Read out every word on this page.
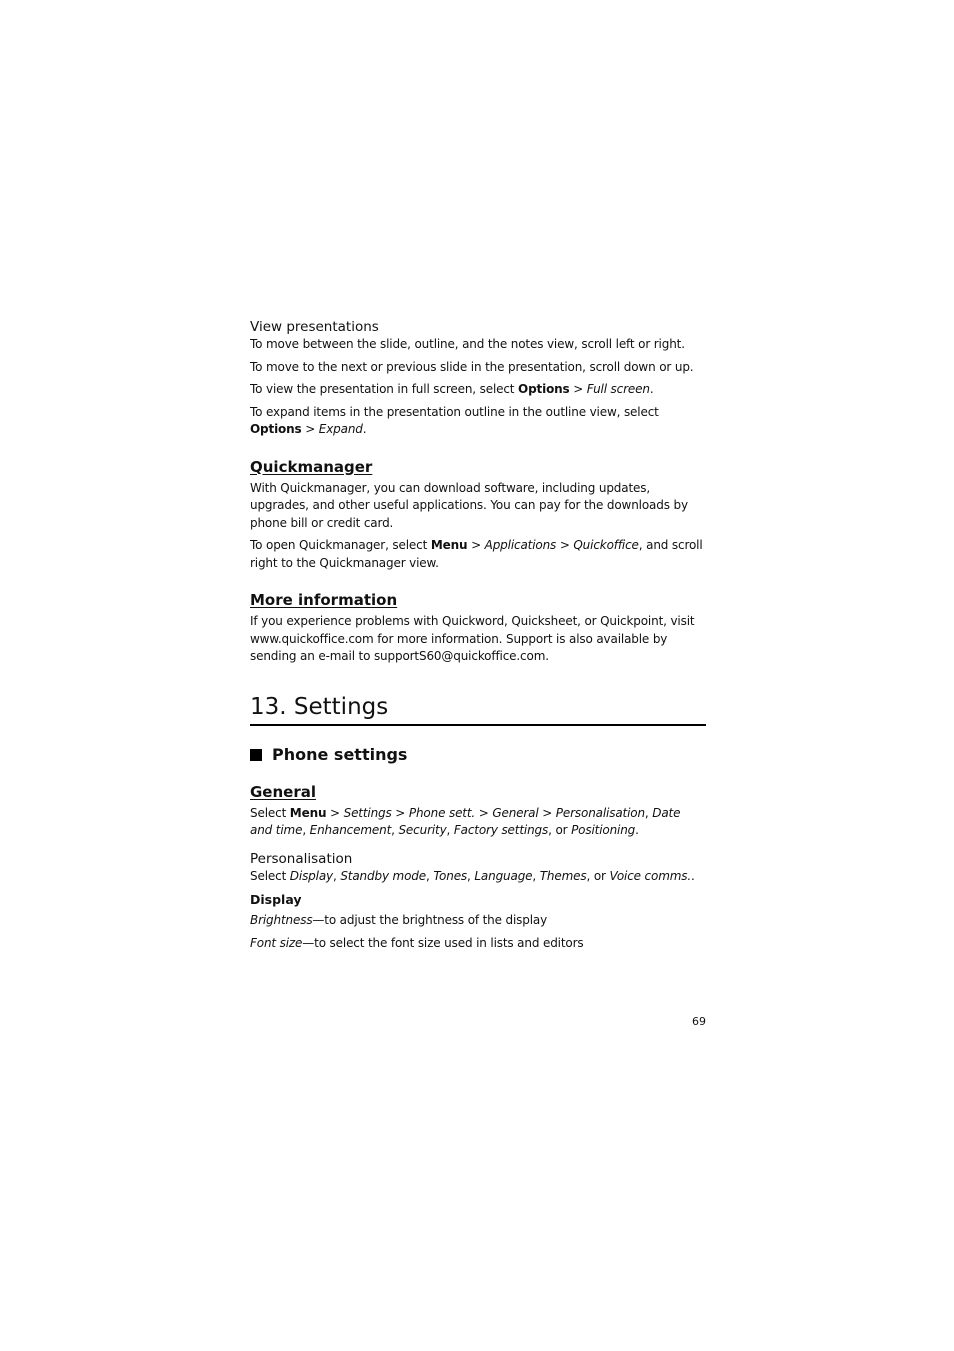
View presentations

To move between the slide, outline, and the notes view, scroll left or right.

To move to the next or previous slide in the presentation, scroll down or up.

To view the presentation in full screen, select Options > Full screen.

To expand items in the presentation outline in the outline view, select Options > Expand.

Quickmanager

With Quickmanager, you can download software, including updates, upgrades, and other useful applications. You can pay for the downloads by phone bill or credit card.

To open Quickmanager, select Menu > Applications > Quickoffice, and scroll right to the Quickmanager view.

More information

If you experience problems with Quickword, Quicksheet, or Quickpoint, visit www.quickoffice.com for more information. Support is also available by sending an e-mail to supportS60@quickoffice.com.

13. Settings
Phone settings
General

Select Menu > Settings > Phone sett. > General > Personalisation, Date and time, Enhancement, Security, Factory settings, or Positioning.

Personalisation

Select Display, Standby mode, Tones, Language, Themes, or Voice comms..

Display

Brightness—to adjust the brightness of the display

Font size—to select the font size used in lists and editors

69
